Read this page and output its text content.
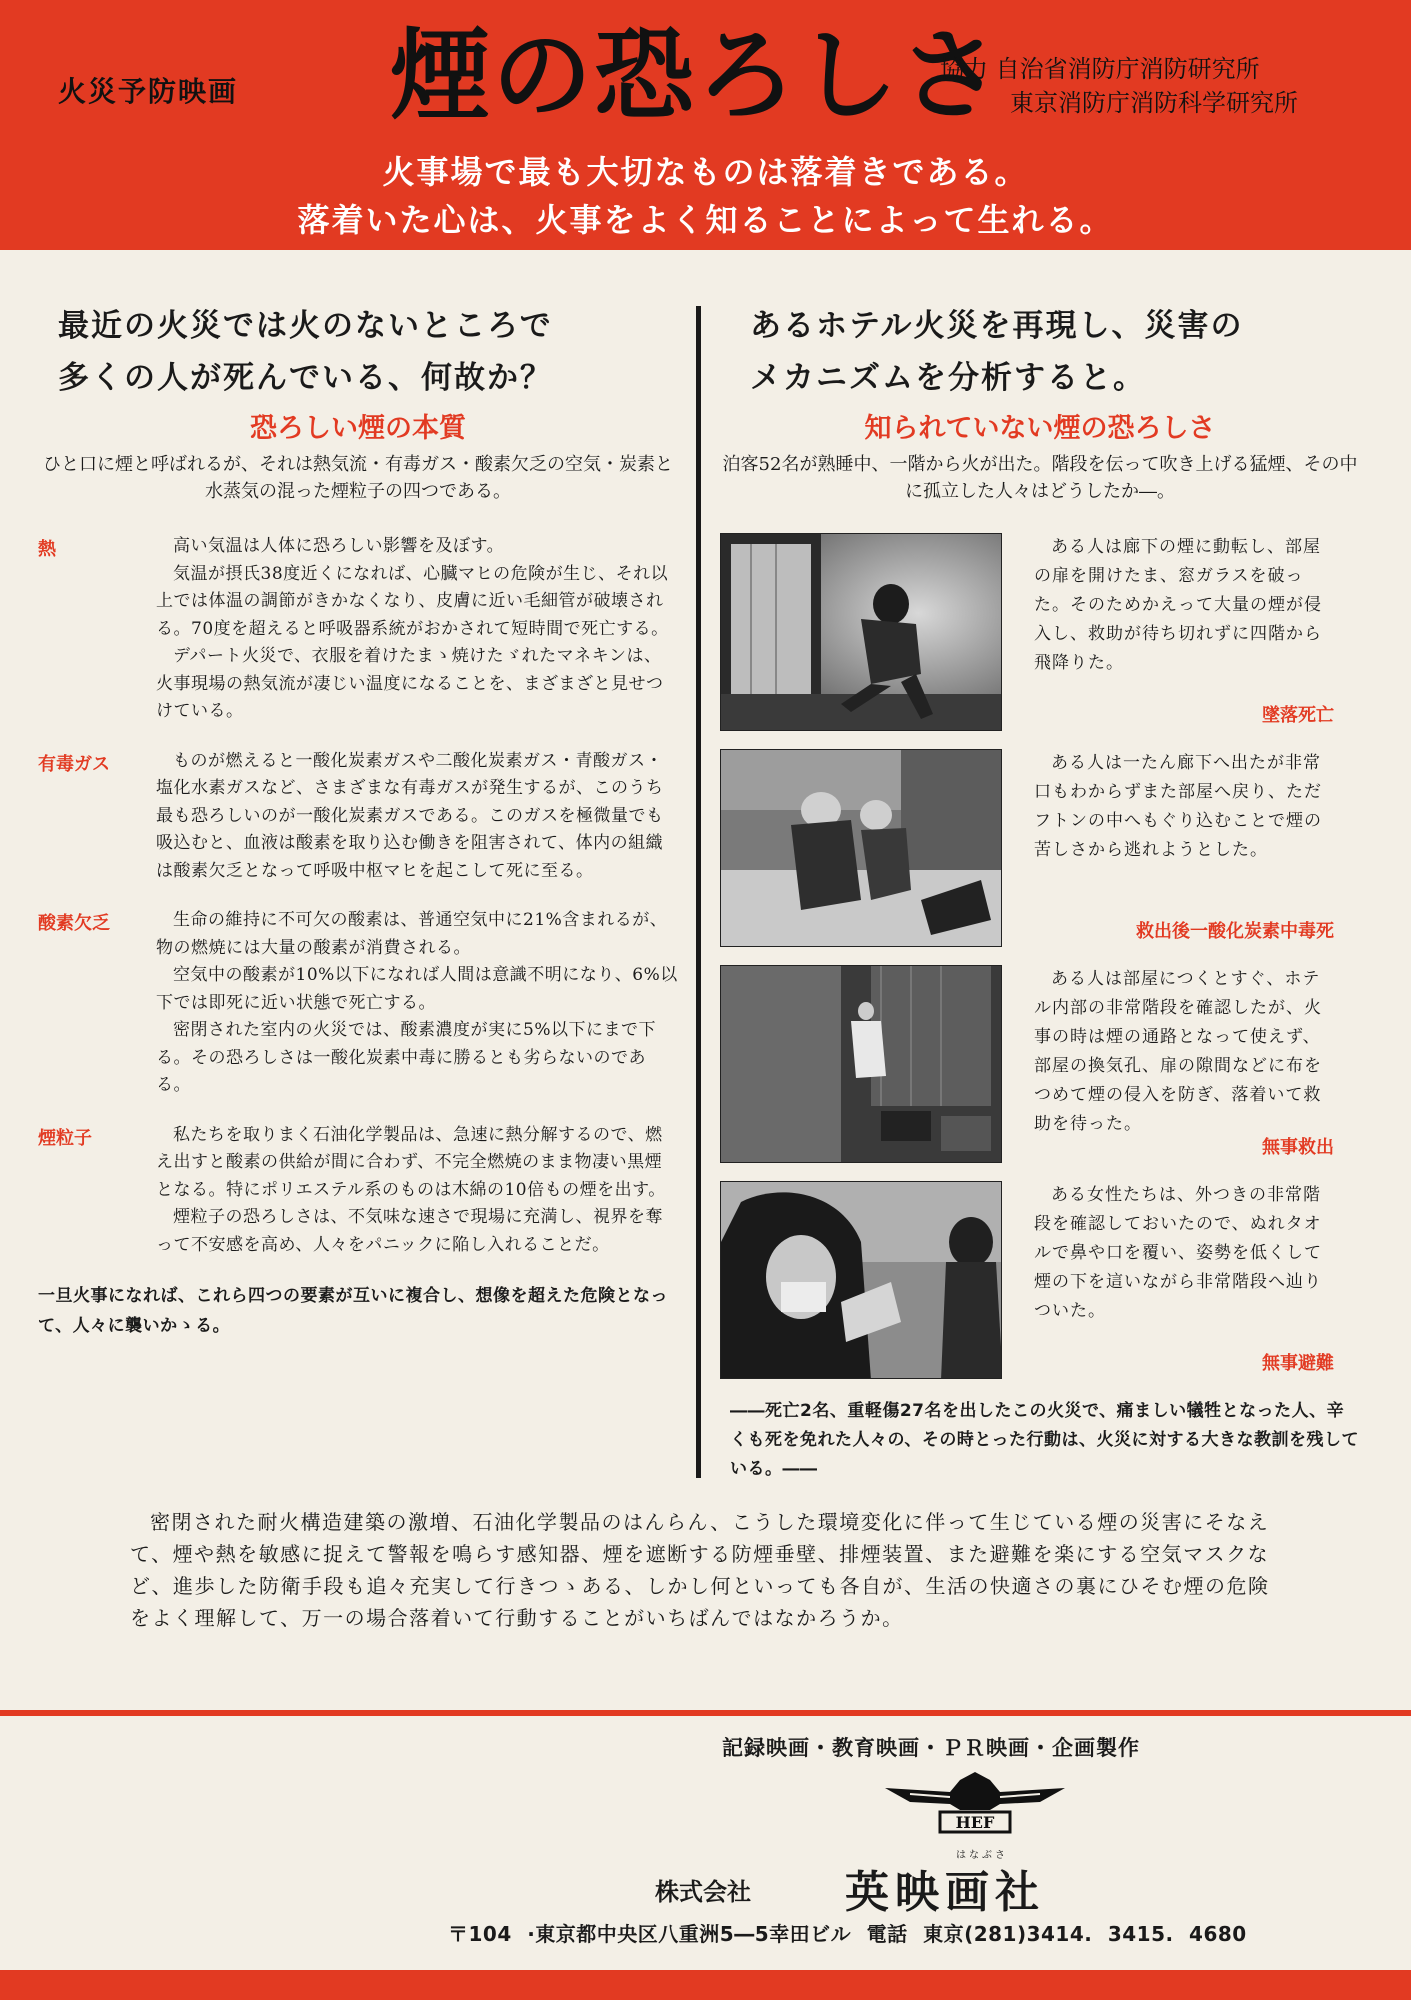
火災予防映画 煙の恐ろしさ
協力 自治省消防庁消防研究所
東京消防庁消防科学研究所
火事場で最も大切なものは落着きである。
落着いた心は、火事をよく知ることによって生れる。
最近の火災では火のないところで
多くの人が死んでいる、何故か？
恐ろしい煙の本質

ひと口に煙と呼ばれるが、それは熱気流・有毒ガス・酸素欠乏の空気・炭素と水蒸気の混った煙粒子の四つである。

熱	高い気温は人体に恐ろしい影響を及ぼす。

気温が摂氏38度近くになれば、心臓マヒの危険が生じ、それ以上では体温の調節がきかなくなり、皮膚に近い毛細管が破壊される。70度を超えると呼吸器系統がおかされて短時間で死亡する。

デパート火災で、衣服を着けたまゝ焼けたゞれたマネキンは、火事現場の熱気流が凄じい温度になることを、まざまざと見せつけている。

有毒ガス	ものが燃えると一酸化炭素ガスや二酸化炭素ガス・青酸ガス・塩化水素ガスなど、さまざまな有毒ガスが発生するが、このうち最も恐ろしいのが一酸化炭素ガスである。このガスを極微量でも吸込むと、血液は酸素を取り込む働きを阻害されて、体内の組織は酸素欠乏となって呼吸中枢マヒを起こして死に至る。

酸素欠乏	生命の維持に不可欠の酸素は、普通空気中に21%含まれるが、物の燃焼には大量の酸素が消費される。

空気中の酸素が10%以下になれば人間は意識不明になり、6%以下では即死に近い状態で死亡する。

密閉された室内の火災では、酸素濃度が実に5%以下にまで下る。その恐ろしさは一酸化炭素中毒に勝るとも劣らないのである。

煙粒子	私たちを取りまく石油化学製品は、急速に熱分解するので、燃え出すと酸素の供給が間に合わず、不完全燃焼のまま物凄い黒煙となる。特にポリエステル系のものは木綿の10倍もの煙を出す。

煙粒子の恐ろしさは、不気味な速さで現場に充満し、視界を奪って不安感を高め、人々をパニックに陥し入れることだ。

一旦火事になれば、これら四つの要素が互いに複合し、想像を超えた危険となって、人々に襲いかゝる。
あるホテル火災を再現し、災害の
メカニズムを分析すると。
知られていない煙の恐ろしさ

泊客52名が熟睡中、一階から火が出た。階段を伝って吹き上げる猛煙、その中に孤立した人々はどうしたか―。

ある人は廊下の煙に動転し、部屋の扉を開けたま、窓ガラスを破った。そのためかえって大量の煙が侵入し、救助が待ち切れずに四階から飛降りた。

墜落死亡

ある人は一たん廊下へ出たが非常口もわからずまた部屋へ戻り、ただフトンの中へもぐり込むことで煙の苦しさから逃れようとした。

救出後一酸化炭素中毒死

ある人は部屋につくとすぐ、ホテル内部の非常階段を確認したが、火事の時は煙の通路となって使えず、部屋の換気孔、扉の隙間などに布をつめて煙の侵入を防ぎ、落着いて救助を待った。

無事救出

ある女性たちは、外つきの非常階段を確認しておいたので、ぬれタオルで鼻や口を覆い、姿勢を低くして煙の下を這いながら非常階段へ辿りついた。

無事避難
――死亡2名、重軽傷27名を出したこの火災で、痛ましい犠牲となった人、辛くも死を免れた人々の、その時とった行動は、火災に対する大きな教訓を残している。――

密閉された耐火構造建築の激増、石油化学製品のはんらん、こうした環境変化に伴って生じている煙の災害にそなえて、煙や熱を敏感に捉えて警報を鳴らす感知器、煙を遮断する防煙垂壁、排煙装置、また避難を楽にする空気マスクなど、進歩した防衛手段も追々充実して行きつゝある、しかし何といっても各自が、生活の快適さの裏にひそむ煙の危険をよく理解して、万一の場合落着いて行動することがいちばんではなかろうか。

記録映画・教育映画・ＰＲ映画・企画製作
HEF
株式会社
はなぶさ
英映画社
〒104 ·東京都中央区八重洲5―5幸田ビル 電話 東京(281)3414. 3415. 4680
